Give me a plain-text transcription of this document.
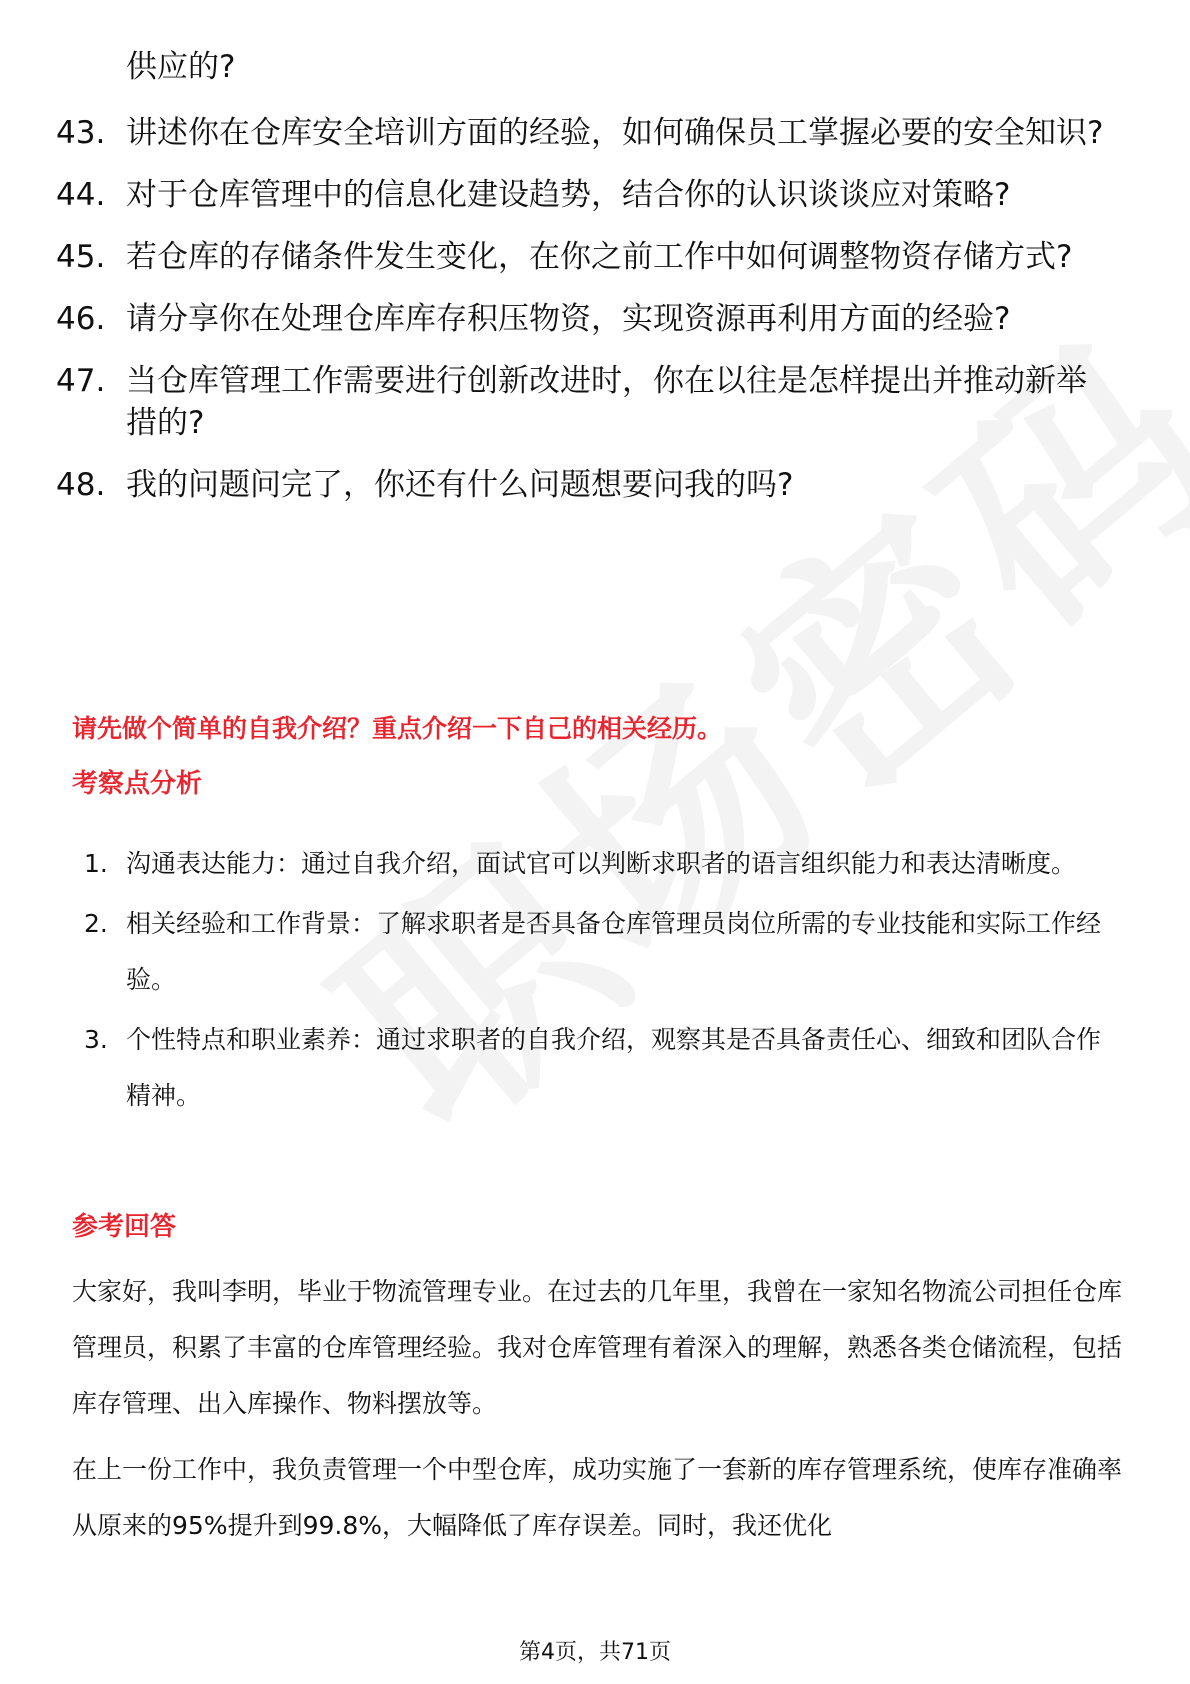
供应的?
43. 讲述你在仓库安全培训方面的经验，如何确保员工掌握必要的安全知识?
44. 对于仓库管理中的信息化建设趋势，结合你的认识谈谈应对策略?
45. 若仓库的存储条件发生变化，在你之前工作中如何调整物资存储方式?
46. 请分享你在处理仓库库存积压物资，实现资源再利用方面的经验?
47. 当仓库管理工作需要进行创新改进时，你在以往是怎样提出并推动新举措的?
48. 我的问题问完了，你还有什么问题想要问我的吗?
请先做个简单的自我介绍？重点介绍一下自己的相关经历。
考察点分析
1. 沟通表达能力：通过自我介绍，面试官可以判断求职者的语言组织能力和表达清晰度。
2. 相关经验和工作背景：了解求职者是否具备仓库管理员岗位所需的专业技能和实际工作经验。
3. 个性特点和职业素养：通过求职者的自我介绍，观察其是否具备责任心、细致和团队合作精神。
参考回答
大家好，我叫李明，毕业于物流管理专业。在过去的几年里，我曾在一家知名物流公司担任仓库管理员，积累了丰富的仓库管理经验。我对仓库管理有着深入的理解，熟悉各类仓储流程，包括库存管理、出入库操作、物料摆放等。
在上一份工作中，我负责管理一个中型仓库，成功实施了一套新的库存管理系统，使库存准确率从原来的95%提升到99.8%，大幅降低了库存误差。同时，我还优化
第4页，共71页
